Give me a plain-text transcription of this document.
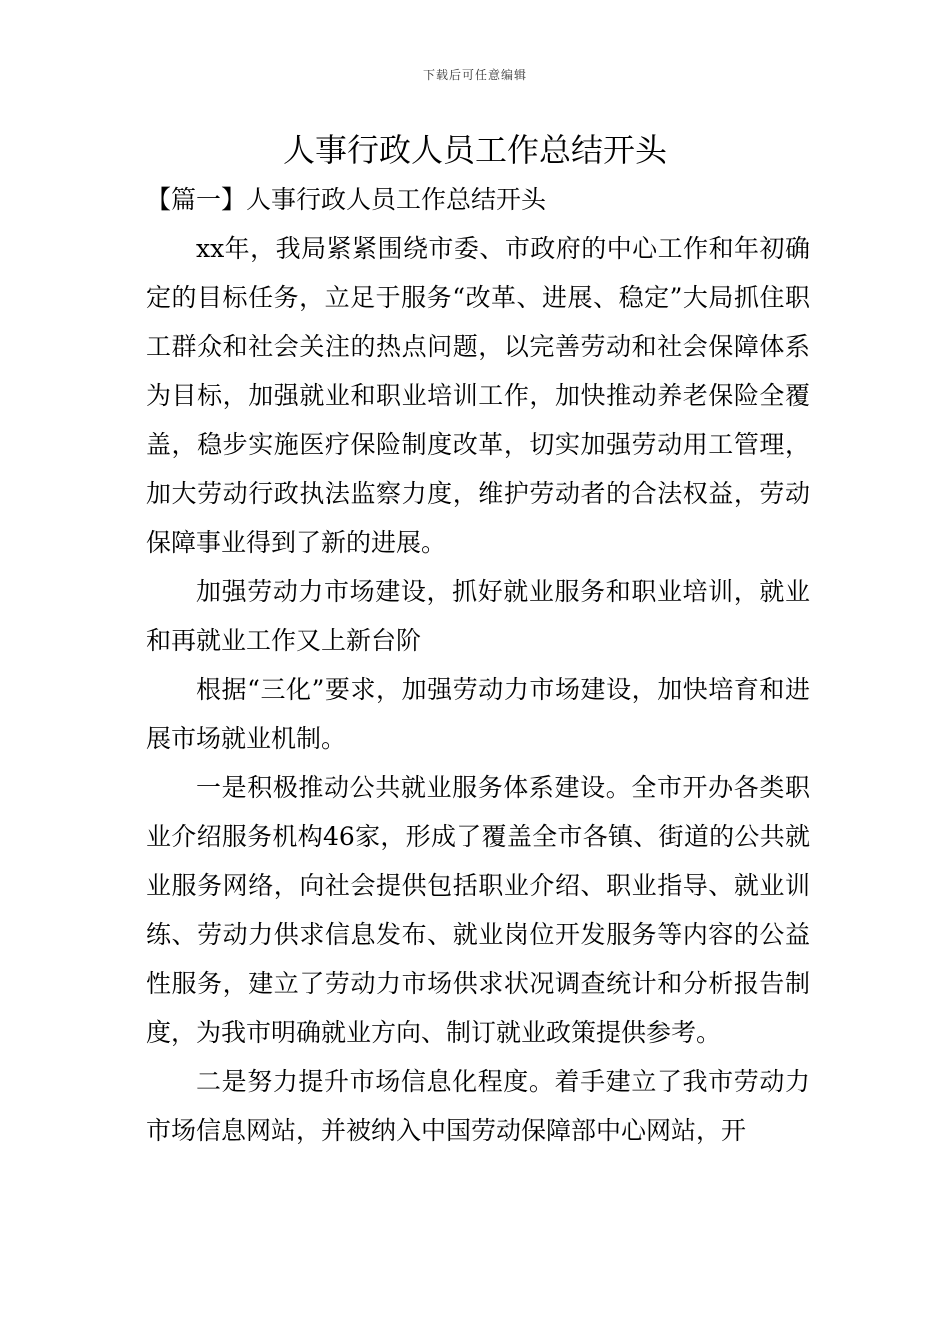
下载后可任意编辑
人事行政人员工作总结开头

【篇一】人事行政人员工作总结开头

xx年，我局紧紧围绕市委、市政府的中心工作和年初确定的目标任务，立足于服务“改革、进展、稳定”大局抓住职工群众和社会关注的热点问题，以完善劳动和社会保障体系为目标，加强就业和职业培训工作，加快推动养老保险全覆盖，稳步实施医疗保险制度改革，切实加强劳动用工管理，加大劳动行政执法监察力度，维护劳动者的合法权益，劳动保障事业得到了新的进展。

加强劳动力市场建设，抓好就业服务和职业培训，就业和再就业工作又上新台阶

根据“三化”要求，加强劳动力市场建设，加快培育和进展市场就业机制。

一是积极推动公共就业服务体系建设。全市开办各类职业介绍服务机构46家，形成了覆盖全市各镇、街道的公共就业服务网络，向社会提供包括职业介绍、职业指导、就业训练、劳动力供求信息发布、就业岗位开发服务等内容的公益性服务，建立了劳动力市场供求状况调查统计和分析报告制度，为我市明确就业方向、制订就业政策提供参考。

二是努力提升市场信息化程度。着手建立了我市劳动力市场信息网站，并被纳入中国劳动保障部中心网站，开
